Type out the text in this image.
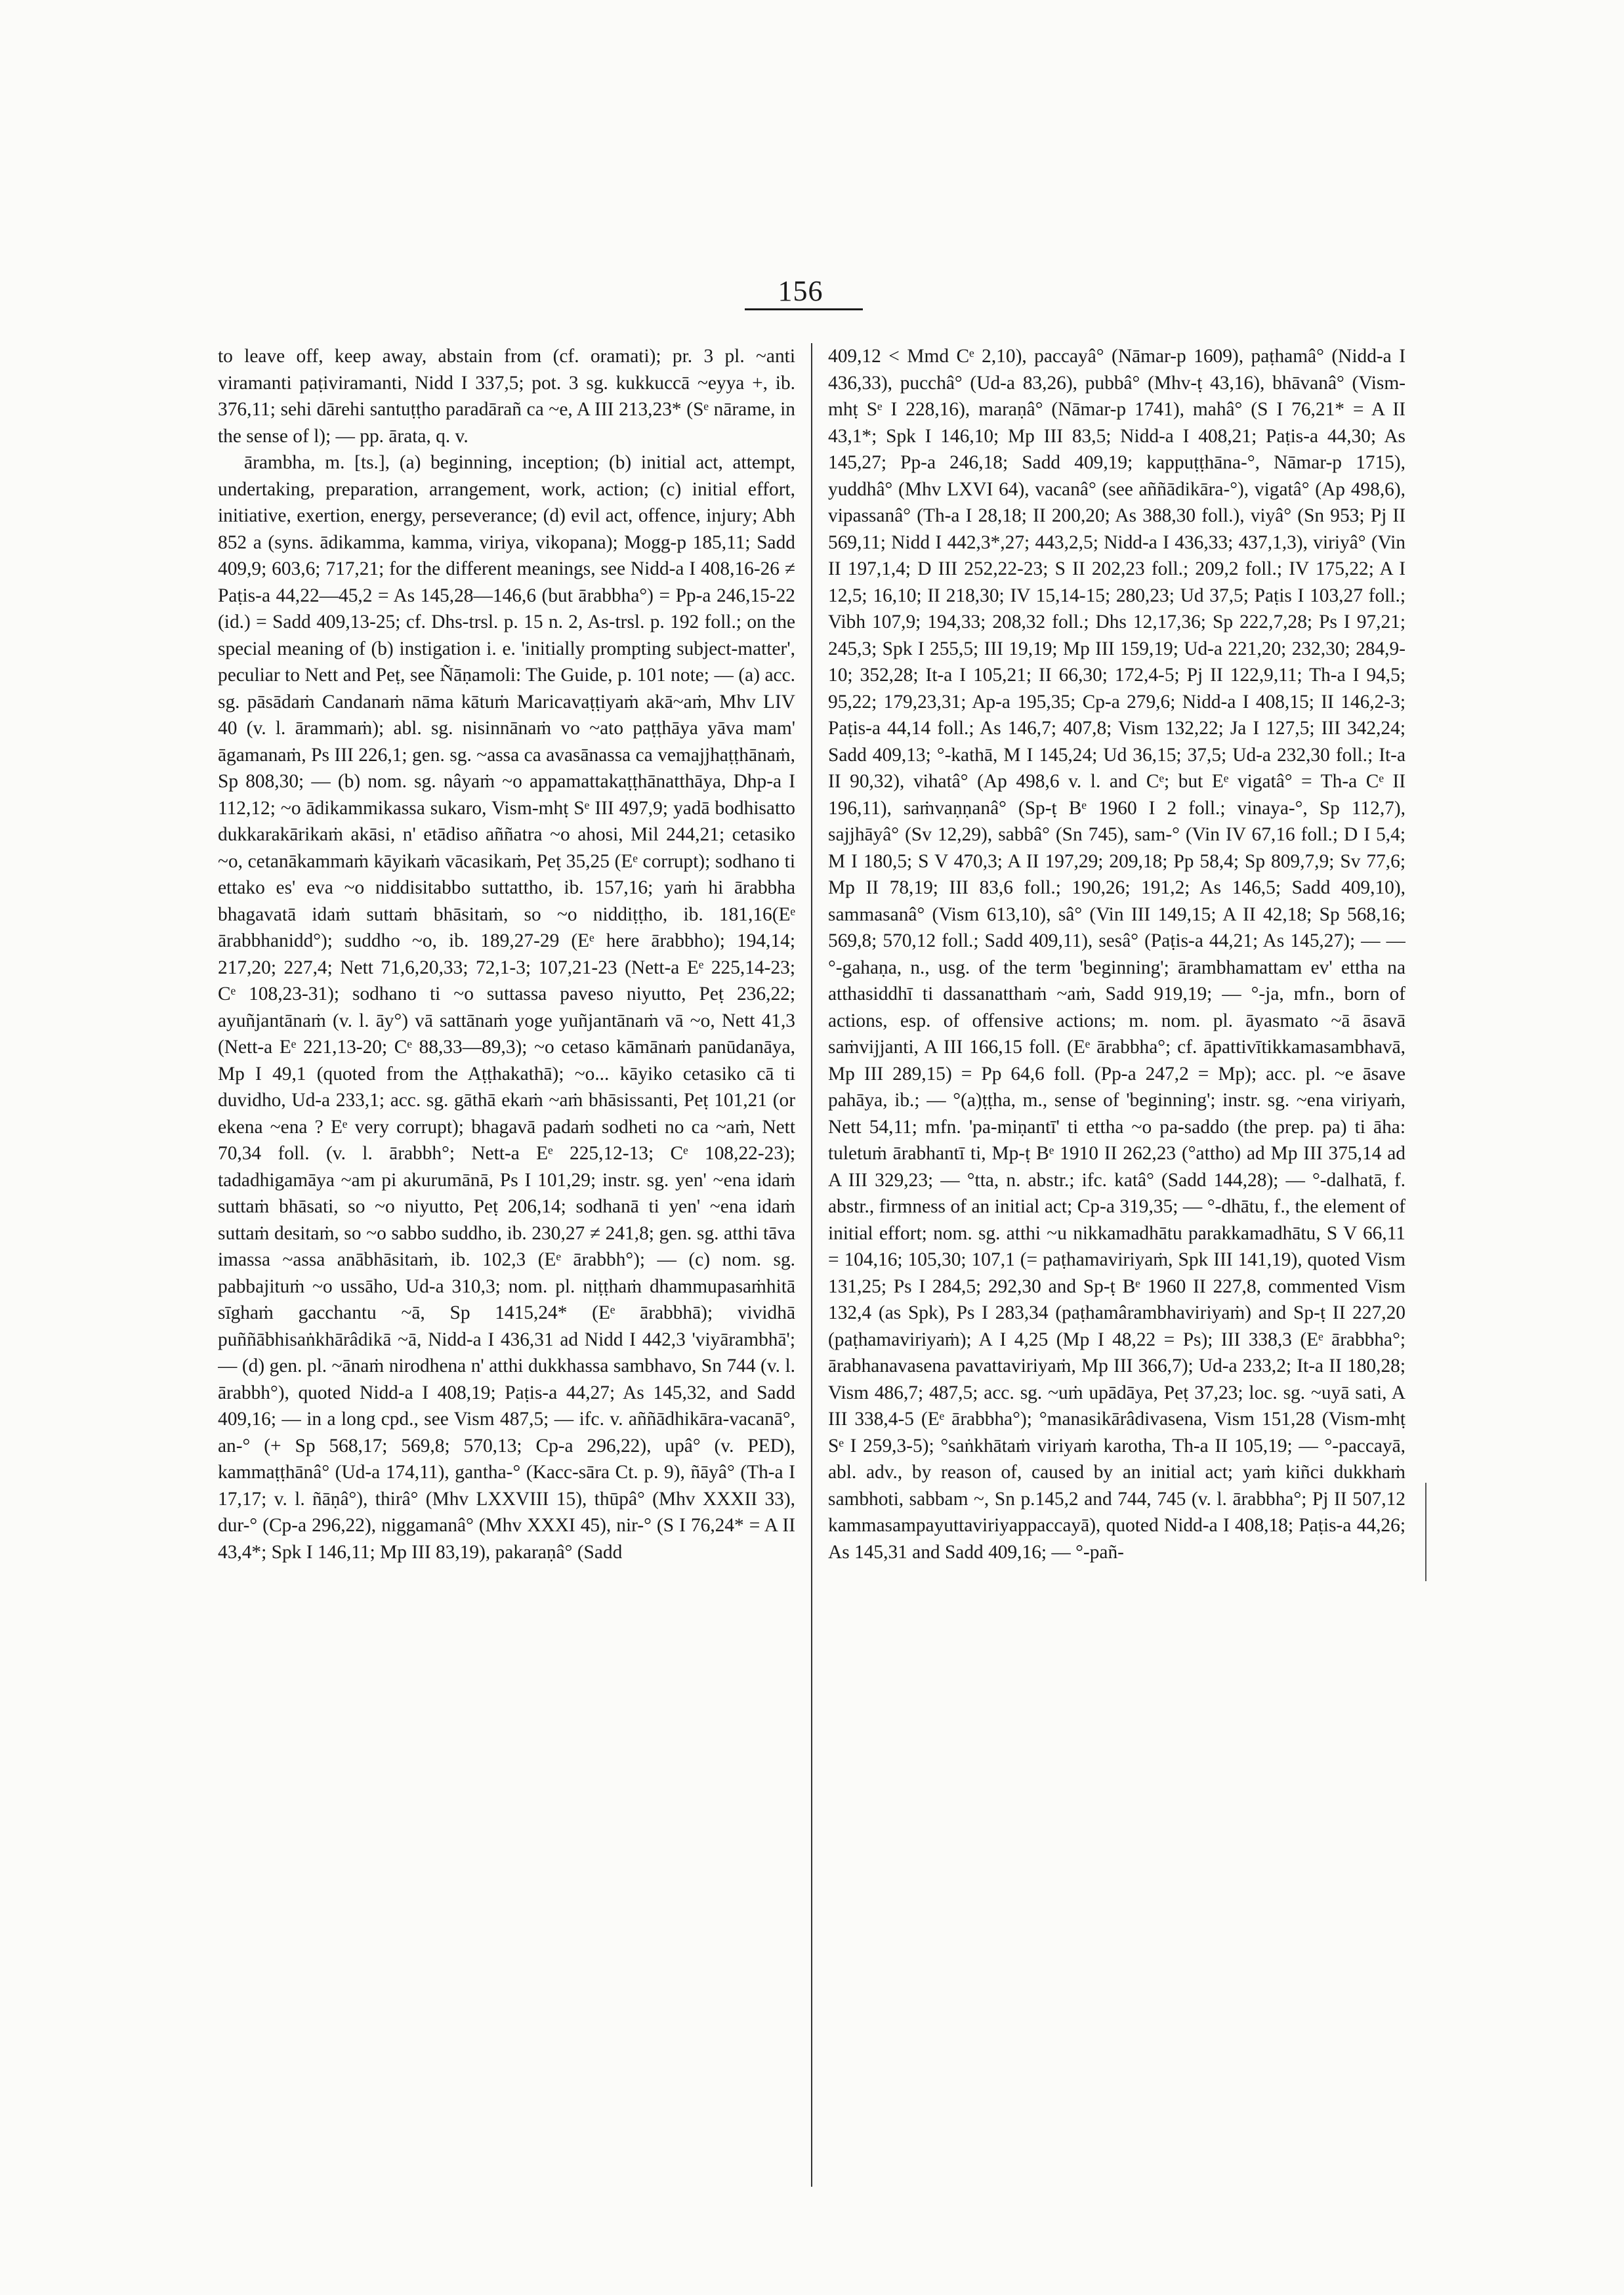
156

to leave off, keep away, abstain from (cf. oramati); pr. 3 pl. ~anti viramanti paṭiviramanti, Nidd I 337,5; pot. 3 sg. kukkuccā ~eyya +, ib. 376,11; sehi dārehi santuṭṭho paradārañ ca ~e, A III 213,23* (Sᵉ nārame, in the sense of l); — pp. ārata, q. v.

ārambha, m. [ts.], (a) beginning, inception; (b) initial act, attempt, undertaking, preparation, arrangement, work, action; (c) initial effort, initiative, exertion, energy, perseverance; (d) evil act, offence, injury; Abh 852 a (syns. ādikamma, kamma, viriya, vikopana); Mogg-p 185,11; Sadd 409,9; 603,6; 717,21; for the different meanings, see Nidd-a I 408,16-26 ≠ Paṭis-a 44,22—45,2 = As 145,28—146,6 (but ārabbha°) = Pp-a 246,15-22 (id.) = Sadd 409,13-25; cf. Dhs-trsl. p. 15 n. 2, As-trsl. p. 192 foll.; on the special meaning of (b) instigation i. e. 'initially prompting subject-matter', peculiar to Nett and Peṭ, see Ñāṇamoli: The Guide, p. 101 note; — (a) acc. sg. pāsādaṁ Candanaṁ nāma kātuṁ Maricavaṭṭiyaṁ akā~aṁ, Mhv LIV 40 (v. l. ārammaṁ); abl. sg. nisinnānaṁ vo ~ato paṭṭhāya yāva mam' āgamanaṁ, Ps III 226,1; gen. sg. ~assa ca avasānassa ca vemajjhaṭṭhānaṁ, Sp 808,30; — (b) nom. sg. nâyaṁ ~o appamattakaṭṭhānatthāya, Dhp-a I 112,12; ~o ādikammikassa sukaro, Vism-mhṭ Sᵉ III 497,9; yadā bodhisatto dukkarakārikaṁ akāsi, n' etādiso aññatra ~o ahosi, Mil 244,21; cetasiko ~o, cetanākammaṁ kāyikaṁ vācasikaṁ, Peṭ 35,25 (Eᵉ corrupt); sodhano ti ettako es' eva ~o niddisitabbo suttattho, ib. 157,16; yaṁ hi ārabbha bhagavatā idaṁ suttaṁ bhāsitaṁ, so ~o niddiṭṭho, ib. 181,16(Eᵉ ārabbhanidd°); suddho ~o, ib. 189,27-29 (Eᵉ here ārabbho); 194,14; 217,20; 227,4; Nett 71,6,20,33; 72,1-3; 107,21-23 (Nett-a Eᵉ 225,14-23; Cᵉ 108,23-31); sodhano ti ~o suttassa paveso niyutto, Peṭ 236,22; ayuñjantānaṁ (v. l. āy°) vā sattānaṁ yoge yuñjantānaṁ vā ~o, Nett 41,3 (Nett-a Eᵉ 221,13-20; Cᵉ 88,33—89,3); ~o cetaso kāmānaṁ panūdanāya, Mp I 49,1 (quoted from the Aṭṭhakathā); ~o... kāyiko cetasiko cā ti duvidho, Ud-a 233,1; acc. sg. gāthā ekaṁ ~aṁ bhāsissanti, Peṭ 101,21 (or ekena ~ena ? Eᵉ very corrupt); bhagavā padaṁ sodheti no ca ~aṁ, Nett 70,34 foll. (v. l. ārabbh°; Nett-a Eᵉ 225,12-13; Cᵉ 108,22-23); tadadhigamāya ~am pi akurumānā, Ps I 101,29; instr. sg. yen' ~ena idaṁ suttaṁ bhāsati, so ~o niyutto, Peṭ 206,14; sodhanā ti yen' ~ena idaṁ suttaṁ desitaṁ, so ~o sabbo suddho, ib. 230,27 ≠ 241,8; gen. sg. atthi tāva imassa ~assa anābhāsitaṁ, ib. 102,3 (Eᵉ ārabbh°); — (c) nom. sg. pabbajituṁ ~o ussāho, Ud-a 310,3; nom. pl. niṭṭhaṁ dhammupasaṁhitā sīghaṁ gacchantu ~ā, Sp 1415,24* (Eᵉ ārabbhā); vividhā puññābhisaṅkhārâdikā ~ā, Nidd-a I 436,31 ad Nidd I 442,3 'viyārambhā'; — (d) gen. pl. ~ānaṁ nirodhena n' atthi dukkhassa sambhavo, Sn 744 (v. l. ārabbh°), quoted Nidd-a I 408,19; Paṭis-a 44,27; As 145,32, and Sadd 409,16; — in a long cpd., see Vism 487,5; — ifc. v. aññādhikāra-vacanā°, an-° (+ Sp 568,17; 569,8; 570,13; Cp-a 296,22), upâ° (v. PED), kammaṭṭhānâ° (Ud-a 174,11), gantha-° (Kacc-sāra Ct. p. 9), ñāyâ° (Th-a I 17,17; v. l. ñāṇâ°), thirâ° (Mhv LXXVIII 15), thūpâ° (Mhv XXXII 33), dur-° (Cp-a 296,22), niggamanâ° (Mhv XXXI 45), nir-° (S I 76,24* = A II 43,4*; Spk I 146,11; Mp III 83,19), pakaraṇâ° (Sadd

409,12 < Mmd Cᵉ 2,10), paccayâ° (Nāmar-p 1609), paṭhamâ° (Nidd-a I 436,33), pucchâ° (Ud-a 83,26), pubbâ° (Mhv-ṭ 43,16), bhāvanâ° (Vism-mhṭ Sᵉ I 228,16), maraṇâ° (Nāmar-p 1741), mahâ° (S I 76,21* = A II 43,1*; Spk I 146,10; Mp III 83,5; Nidd-a I 408,21; Paṭis-a 44,30; As 145,27; Pp-a 246,18; Sadd 409,19; kappuṭṭhāna-°, Nāmar-p 1715), yuddhâ° (Mhv LXVI 64), vacanâ° (see aññādikāra-°), vigatâ° (Ap 498,6), vipassanâ° (Th-a I 28,18; II 200,20; As 388,30 foll.), viyâ° (Sn 953; Pj II 569,11; Nidd I 442,3*,27; 443,2,5; Nidd-a I 436,33; 437,1,3), viriyâ° (Vin II 197,1,4; D III 252,22-23; S II 202,23 foll.; 209,2 foll.; IV 175,22; A I 12,5; 16,10; II 218,30; IV 15,14-15; 280,23; Ud 37,5; Paṭis I 103,27 foll.; Vibh 107,9; 194,33; 208,32 foll.; Dhs 12,17,36; Sp 222,7,28; Ps I 97,21; 245,3; Spk I 255,5; III 19,19; Mp III 159,19; Ud-a 221,20; 232,30; 284,9-10; 352,28; It-a I 105,21; II 66,30; 172,4-5; Pj II 122,9,11; Th-a I 94,5; 95,22; 179,23,31; Ap-a 195,35; Cp-a 279,6; Nidd-a I 408,15; II 146,2-3; Paṭis-a 44,14 foll.; As 146,7; 407,8; Vism 132,22; Ja I 127,5; III 342,24; Sadd 409,13; °-kathā, M I 145,24; Ud 36,15; 37,5; Ud-a 232,30 foll.; It-a II 90,32), vihatâ° (Ap 498,6 v. l. and Cᵉ; but Eᵉ vigatâ° = Th-a Cᵉ II 196,11), saṁvaṇṇanâ° (Sp-ṭ Bᵉ 1960 I 2 foll.; vinaya-°, Sp 112,7), sajjhāyâ° (Sv 12,29), sabbâ° (Sn 745), sam-° (Vin IV 67,16 foll.; D I 5,4; M I 180,5; S V 470,3; A II 197,29; 209,18; Pp 58,4; Sp 809,7,9; Sv 77,6; Mp II 78,19; III 83,6 foll.; 190,26; 191,2; As 146,5; Sadd 409,10), sammasanâ° (Vism 613,10), sâ° (Vin III 149,15; A II 42,18; Sp 568,16; 569,8; 570,12 foll.; Sadd 409,11), sesâ° (Paṭis-a 44,21; As 145,27); — — °-gahaṇa, n., usg. of the term 'beginning'; ārambhamattam ev' ettha na atthasiddhī ti dassanatthaṁ ~aṁ, Sadd 919,19; — °-ja, mfn., born of actions, esp. of offensive actions; m. nom. pl. āyasmato ~ā āsavā saṁvijjanti, A III 166,15 foll. (Eᵉ ārabbha°; cf. āpattivītikkamasambhavā, Mp III 289,15) = Pp 64,6 foll. (Pp-a 247,2 = Mp); acc. pl. ~e āsave pahāya, ib.; — °(a)ṭṭha, m., sense of 'beginning'; instr. sg. ~ena viriyaṁ, Nett 54,11; mfn. 'pa-miṇantī' ti ettha ~o pa-saddo (the prep. pa) ti āha: tuletuṁ ārabhantī ti, Mp-ṭ Bᵉ 1910 II 262,23 (°attho) ad Mp III 375,14 ad A III 329,23; — °tta, n. abstr.; ifc. katâ° (Sadd 144,28); — °-dalhatā, f. abstr., firmness of an initial act; Cp-a 319,35; — °-dhātu, f., the element of initial effort; nom. sg. atthi ~u nikkamadhātu parakkamadhātu, S V 66,11 = 104,16; 105,30; 107,1 (= paṭhamaviriyaṁ, Spk III 141,19), quoted Vism 131,25; Ps I 284,5; 292,30 and Sp-ṭ Bᵉ 1960 II 227,8, commented Vism 132,4 (as Spk), Ps I 283,34 (paṭhamârambhaviriyaṁ) and Sp-ṭ II 227,20 (paṭhamaviriyaṁ); A I 4,25 (Mp I 48,22 = Ps); III 338,3 (Eᵉ ārabbha°; ārabhanavasena pavattaviriyaṁ, Mp III 366,7); Ud-a 233,2; It-a II 180,28; Vism 486,7; 487,5; acc. sg. ~uṁ upādāya, Peṭ 37,23; loc. sg. ~uyā sati, A III 338,4-5 (Eᵉ ārabbha°); °manasikārâdivasena, Vism 151,28 (Vism-mhṭ Sᵉ I 259,3-5); °saṅkhātaṁ viriyaṁ karotha, Th-a II 105,19; — °-paccayā, abl. adv., by reason of, caused by an initial act; yaṁ kiñci dukkhaṁ sambhoti, sabbam ~, Sn p.145,2 and 744, 745 (v. l. ārabbha°; Pj II 507,12 kammasampayuttaviriyappaccayā), quoted Nidd-a I 408,18; Paṭis-a 44,26; As 145,31 and Sadd 409,16; — °-pañ-
